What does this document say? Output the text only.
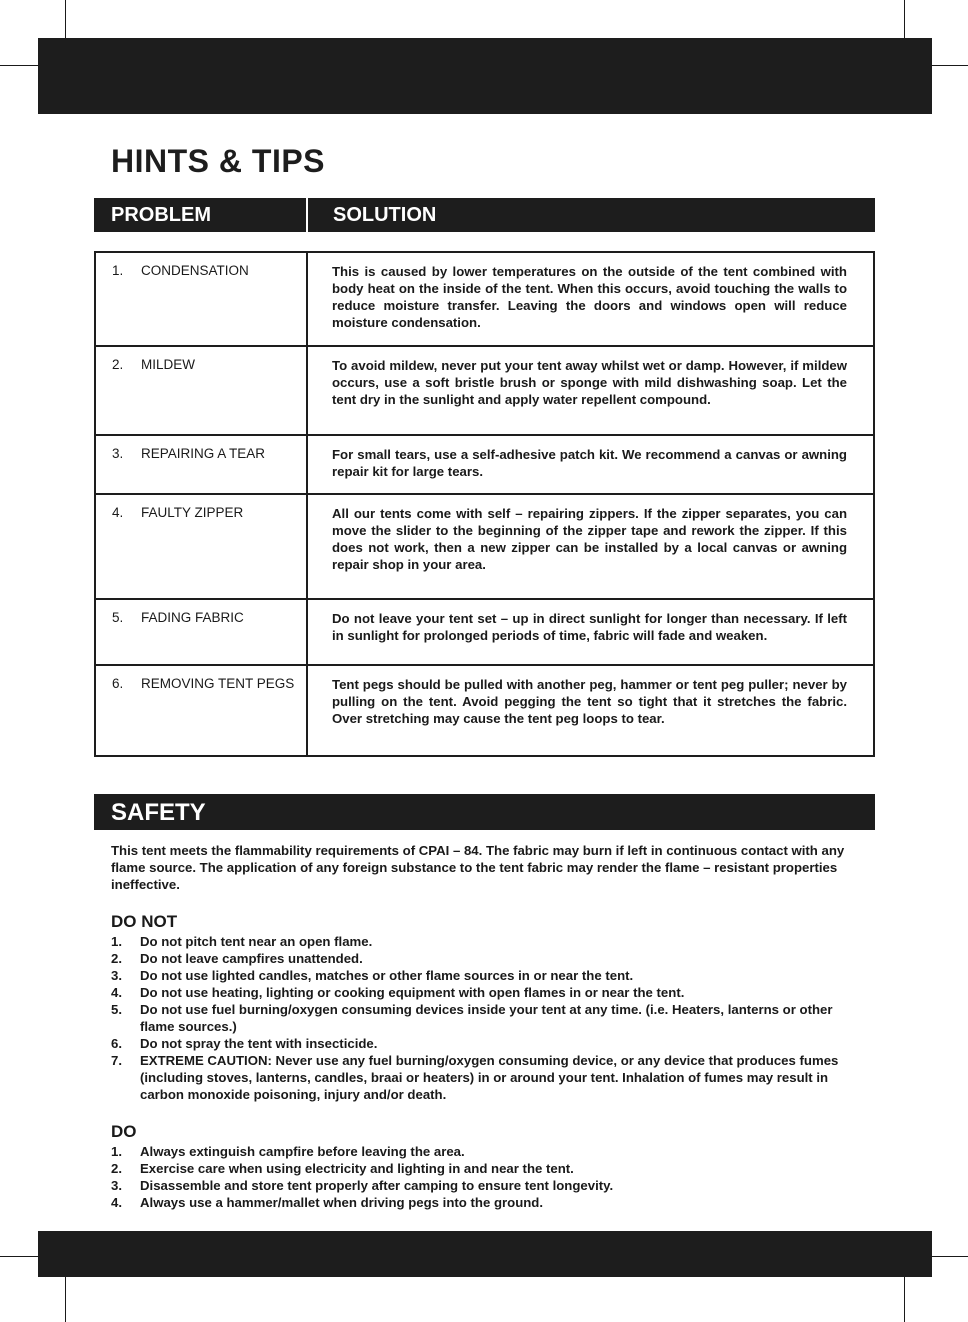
HINTS & TIPS
PROBLEM	SOLUTION
1.	CONDENSATION	This is caused by lower temperatures on the outside of the tent combined with body heat on the inside of the tent. When this occurs, avoid touching the walls to reduce moisture transfer. Leaving the doors and windows open will reduce moisture condensation.
2.	MILDEW	To avoid mildew, never put your tent away whilst wet or damp. However, if mildew occurs, use a soft bristle brush or sponge with mild dishwashing soap. Let the tent dry in the sunlight and apply water repellent compound.
3.	REPAIRING A TEAR	For small tears, use a self-adhesive patch kit. We recommend a canvas or awning repair kit for large tears.
4.	FAULTY ZIPPER	All our tents come with self – repairing zippers. If the zipper separates, you can move the slider to the beginning of the zipper tape and rework the zipper. If this does not work, then a new zipper can be installed by a local canvas or awning repair shop in your area.
5.	FADING FABRIC	Do not leave your tent set – up in direct sunlight for longer than necessary. If left in sunlight for prolonged periods of time, fabric will fade and weaken.
6.	REMOVING TENT PEGS	Tent pegs should be pulled with another peg, hammer or tent peg puller; never by pulling on the tent. Avoid pegging the tent so tight that it stretches the fabric. Over stretching may cause the tent peg loops to tear.
SAFETY

This tent meets the flammability requirements of CPAI – 84. The fabric may burn if left in continuous contact with any flame source. The application of any foreign substance to the tent fabric may render the flame – resistant properties ineffective.

DO NOT
1.	Do not pitch tent near an open flame.
2.	Do not leave campfires unattended.
3.	Do not use lighted candles, matches or other flame sources in or near the tent.
4.	Do not use heating, lighting or cooking equipment with open flames in or near the tent.
5.	Do not use fuel burning/oxygen consuming devices inside your tent at any time. (i.e. Heaters, lanterns or other flame sources.)
6.	Do not spray the tent with insecticide.
7.	EXTREME CAUTION: Never use any fuel burning/oxygen consuming device, or any device that produces fumes (including stoves, lanterns, candles, braai or heaters) in or around your tent. Inhalation of fumes may result in carbon monoxide poisoning, injury and/or death.
DO
1.	Always extinguish campfire before leaving the area.
2.	Exercise care when using electricity and lighting in and near the tent.
3.	Disassemble and store tent properly after camping to ensure tent longevity.
4.	Always use a hammer/mallet when driving pegs into the ground.
